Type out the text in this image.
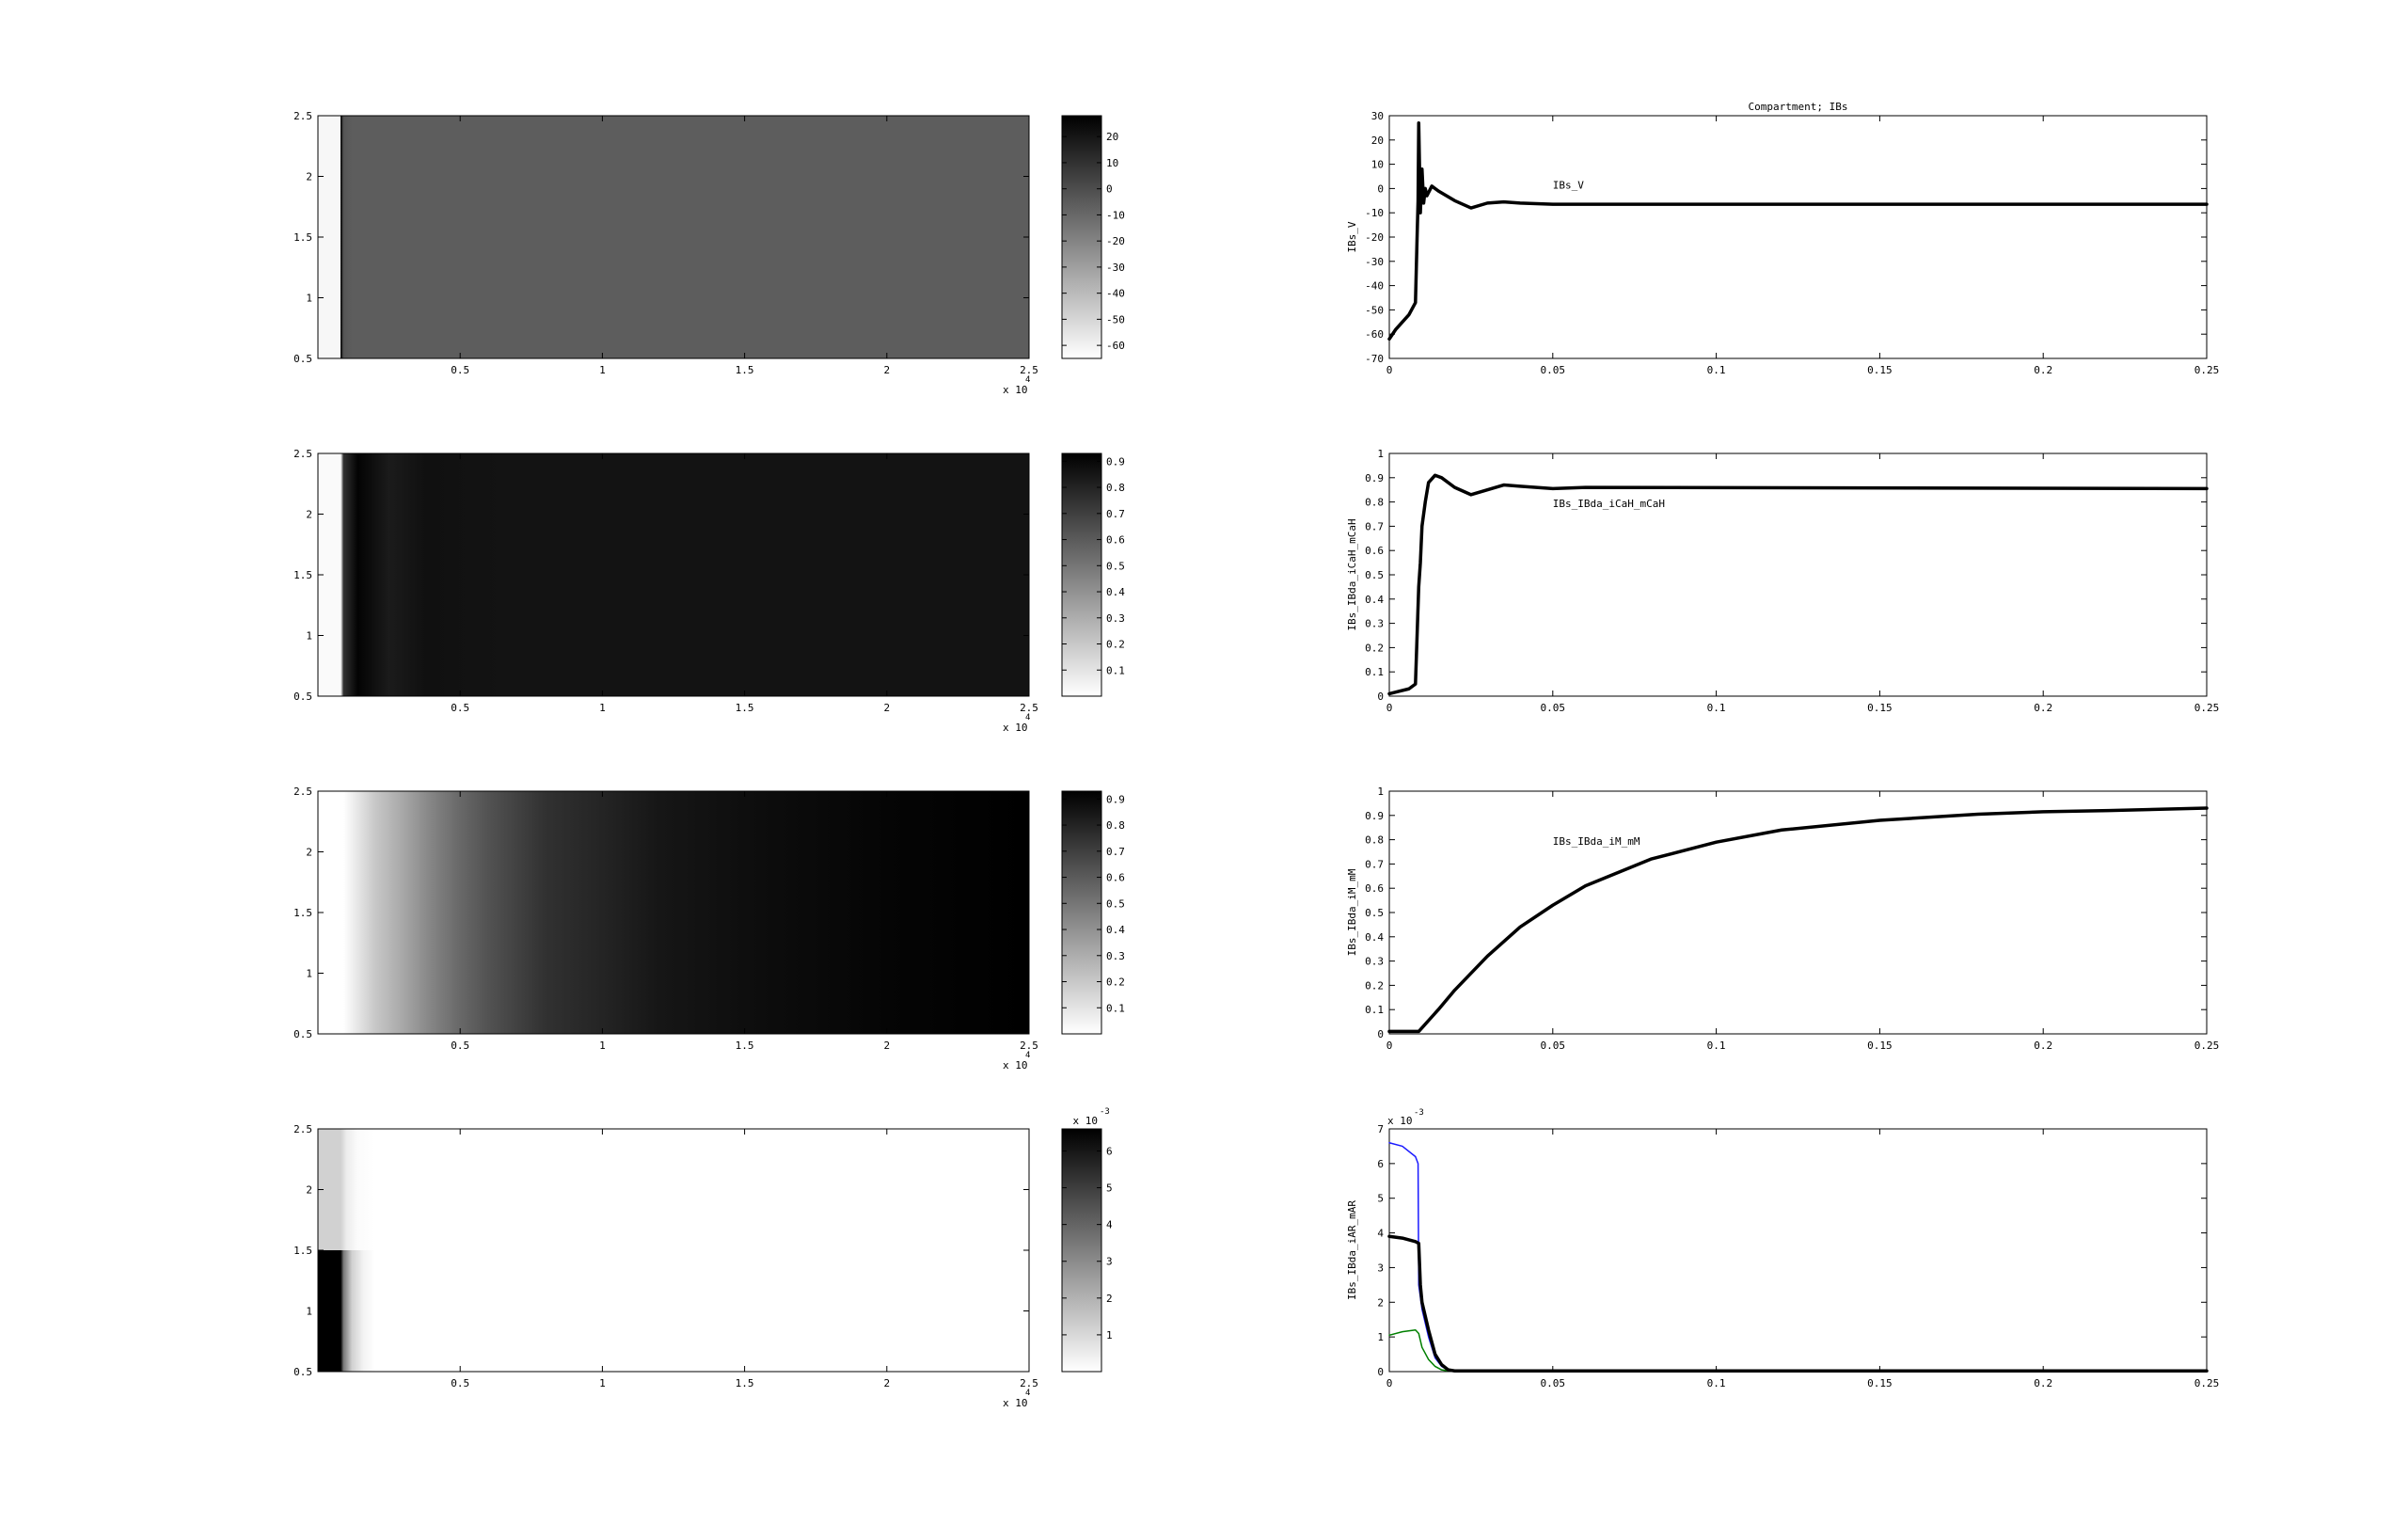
0.5	1	1.5	2	2.5
0.5
1
1.5
2
2.5
x 10
4
20
10
0
-10
-20
-30
-40
-50
-60
0.5	1	1.5	2	2.5
0.5
1
1.5
2
2.5
x 10
4
0.9
0.8
0.7
0.6
0.5
0.4
0.3
0.2
0.1
0.5	1	1.5	2	2.5
0.5
1
1.5
2
2.5
x 10
4
0.9
0.8
0.7
0.6
0.5
0.4
0.3
0.2
0.1
0.5	1	1.5	2	2.5
0.5
1
1.5
2
2.5
x 10
4
6
5
4
3
2
1
x 10
-3
0	0.05	0.1	0.15	0.2	0.25
30
20
10
0
-10
-20
-30
-40
-50
-60
-70
IBs_V
Compartment; IBs
IBs_V
0	0.05	0.1	0.15	0.2	0.25
1
0.9
0.8
0.7
0.6
0.5
0.4
0.3
0.2
0.1
0
IBs_IBda_iCaH_mCaH
IBs_IBda_iCaH_mCaH
0	0.05	0.1	0.15	0.2	0.25
1
0.9
0.8
0.7
0.6
0.5
0.4
0.3
0.2
0.1
0
IBs_IBda_iM_mM
IBs_IBda_iM_mM
0	0.05	0.1	0.15	0.2	0.25
7
6
5
4
3
2
1
0
IBs_IBda_iAR_mAR
x 10
-3
